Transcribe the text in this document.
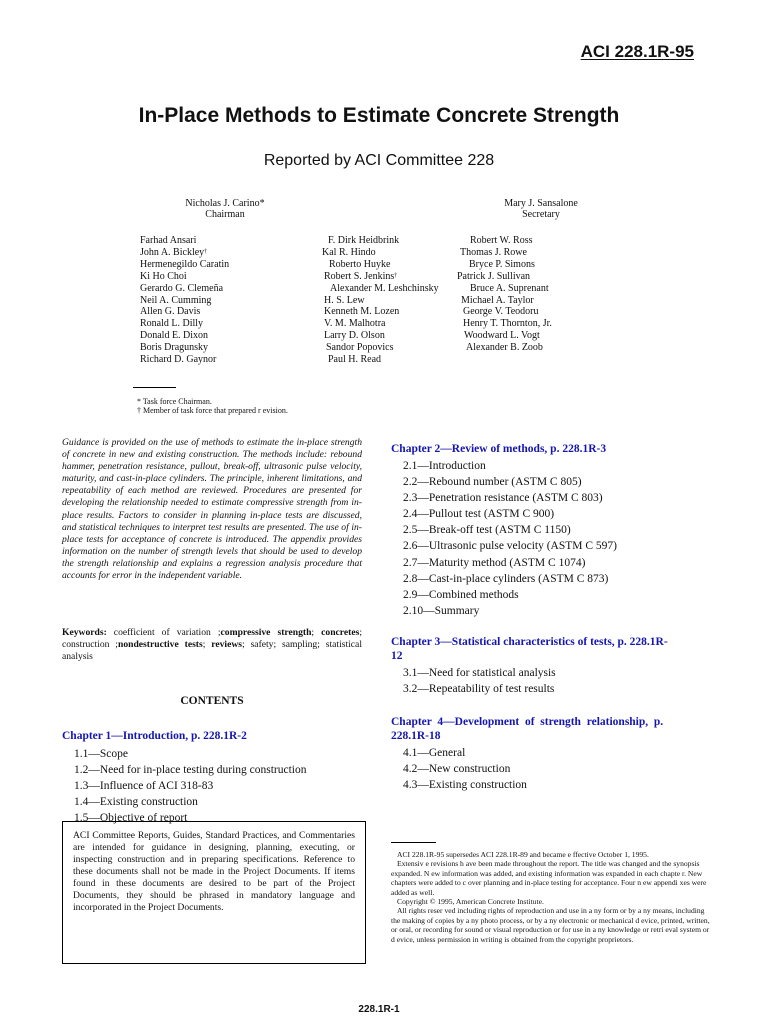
ACI 228.1R-95
In-Place Methods to Estimate Concrete Strength
Reported by ACI Committee 228
Nicholas J. Carino*
Chairman
Mary J. Sansalone
Secretary
Farhad Ansari
John A. Bickley†
Hermenegildo Caratin
Ki Ho Choi
Gerardo G. Clemeña
Neil A. Cumming
Allen G. Davis
Ronald L. Dilly
Donald E. Dixon
Boris Dragunsky
Richard D. Gaynor
F. Dirk Heidbrink
Kal R. Hindo
Roberto Huyke
Robert S. Jenkins†
Alexander M. Leshchinsky
H. S. Lew
Kenneth M. Lozen
V. M. Malhotra
Larry D. Olson
Sandor Popovics
Paul H. Read
Robert W. Ross
Thomas J. Rowe
Bryce P. Simons
Patrick J. Sullivan
Bruce A. Suprenant
Michael A. Taylor
George V. Teodoru
Henry T. Thornton, Jr.
Woodward L. Vogt
Alexander B. Zoob
* Task force Chairman.
† Member of task force that prepared r evision.
Guidance is provided on the use of methods to estimate the in-place strength of concrete in new and existing construction. The methods include: rebound hammer, penetration resistance, pullout, break-off, ultrasonic pulse velocity, maturity, and cast-in-place cylinders. The principle, inherent limitations, and repeatability of each method are reviewed. Procedures are presented for developing the relationship needed to estimate compressive strength from in-place results. Factors to consider in planning in-place tests are discussed, and statistical techniques to interpret test results are presented. The use of in-place tests for acceptance of concrete is introduced. The appendix provides information on the number of strength levels that should be used to develop the strength relationship and explains a regression analysis procedure that accounts for error in the independent variable.
Keywords: coefficient of variation ;compressive strength; concretes; construction ;nondestructive tests; reviews; safety; sampling; statistical analysis
CONTENTS
Chapter 1—Introduction, p. 228.1R-2
1.1—Scope
1.2—Need for in-place testing during construction
1.3—Influence of ACI 318-83
1.4—Existing construction
1.5—Objective of report
Chapter 2—Review of methods, p. 228.1R-3
2.1—Introduction
2.2—Rebound number (ASTM C 805)
2.3—Penetration resistance (ASTM C 803)
2.4—Pullout test (ASTM C 900)
2.5—Break-off test (ASTM C 1150)
2.6—Ultrasonic pulse velocity (ASTM C 597)
2.7—Maturity method (ASTM C 1074)
2.8—Cast-in-place cylinders (ASTM C 873)
2.9—Combined methods
2.10—Summary
Chapter 3—Statistical characteristics of tests, p. 228.1R-
12
3.1—Need for statistical analysis
3.2—Repeatability of test results
Chapter  4—Development  of  strength  relationship,  p.
228.1R-18
4.1—General
4.2—New construction
4.3—Existing construction
ACI Committee Reports, Guides, Standard Practices, and Commentaries are intended for guidance in designing, planning, executing, or inspecting construction and in preparing specifications. Reference to these documents shall not be made in the Project Documents. If items found in these documents are desired to be part of the Project Documents, they should be phrased in mandatory language and incorporated in the Project Documents.
ACI 228.1R-95 supersedes ACI 228.1R-89 and became e ffective October 1, 1995.
Extensiv e revisions h ave been made throughout the report. The title was changed and the synopsis expanded. N ew information was added, and existing information was expanded in each chapte r. New chapters were added to c over planning and in-place testing for acceptance. Four n ew appendi xes were added as well.
Copyright © 1995, American Concrete Institute.
All rights reser ved including rights of reproduction and use in a ny form or by a ny means, including the making of copies by a ny photo process, or by a ny electronic or mechanical d evice, printed, written, or oral, or recording for sound or visual reproduction or for use in a ny knowledge or retri eval system or d evice, unless permission in writing is obtained from the copyright proprietors.
228.1R-1
